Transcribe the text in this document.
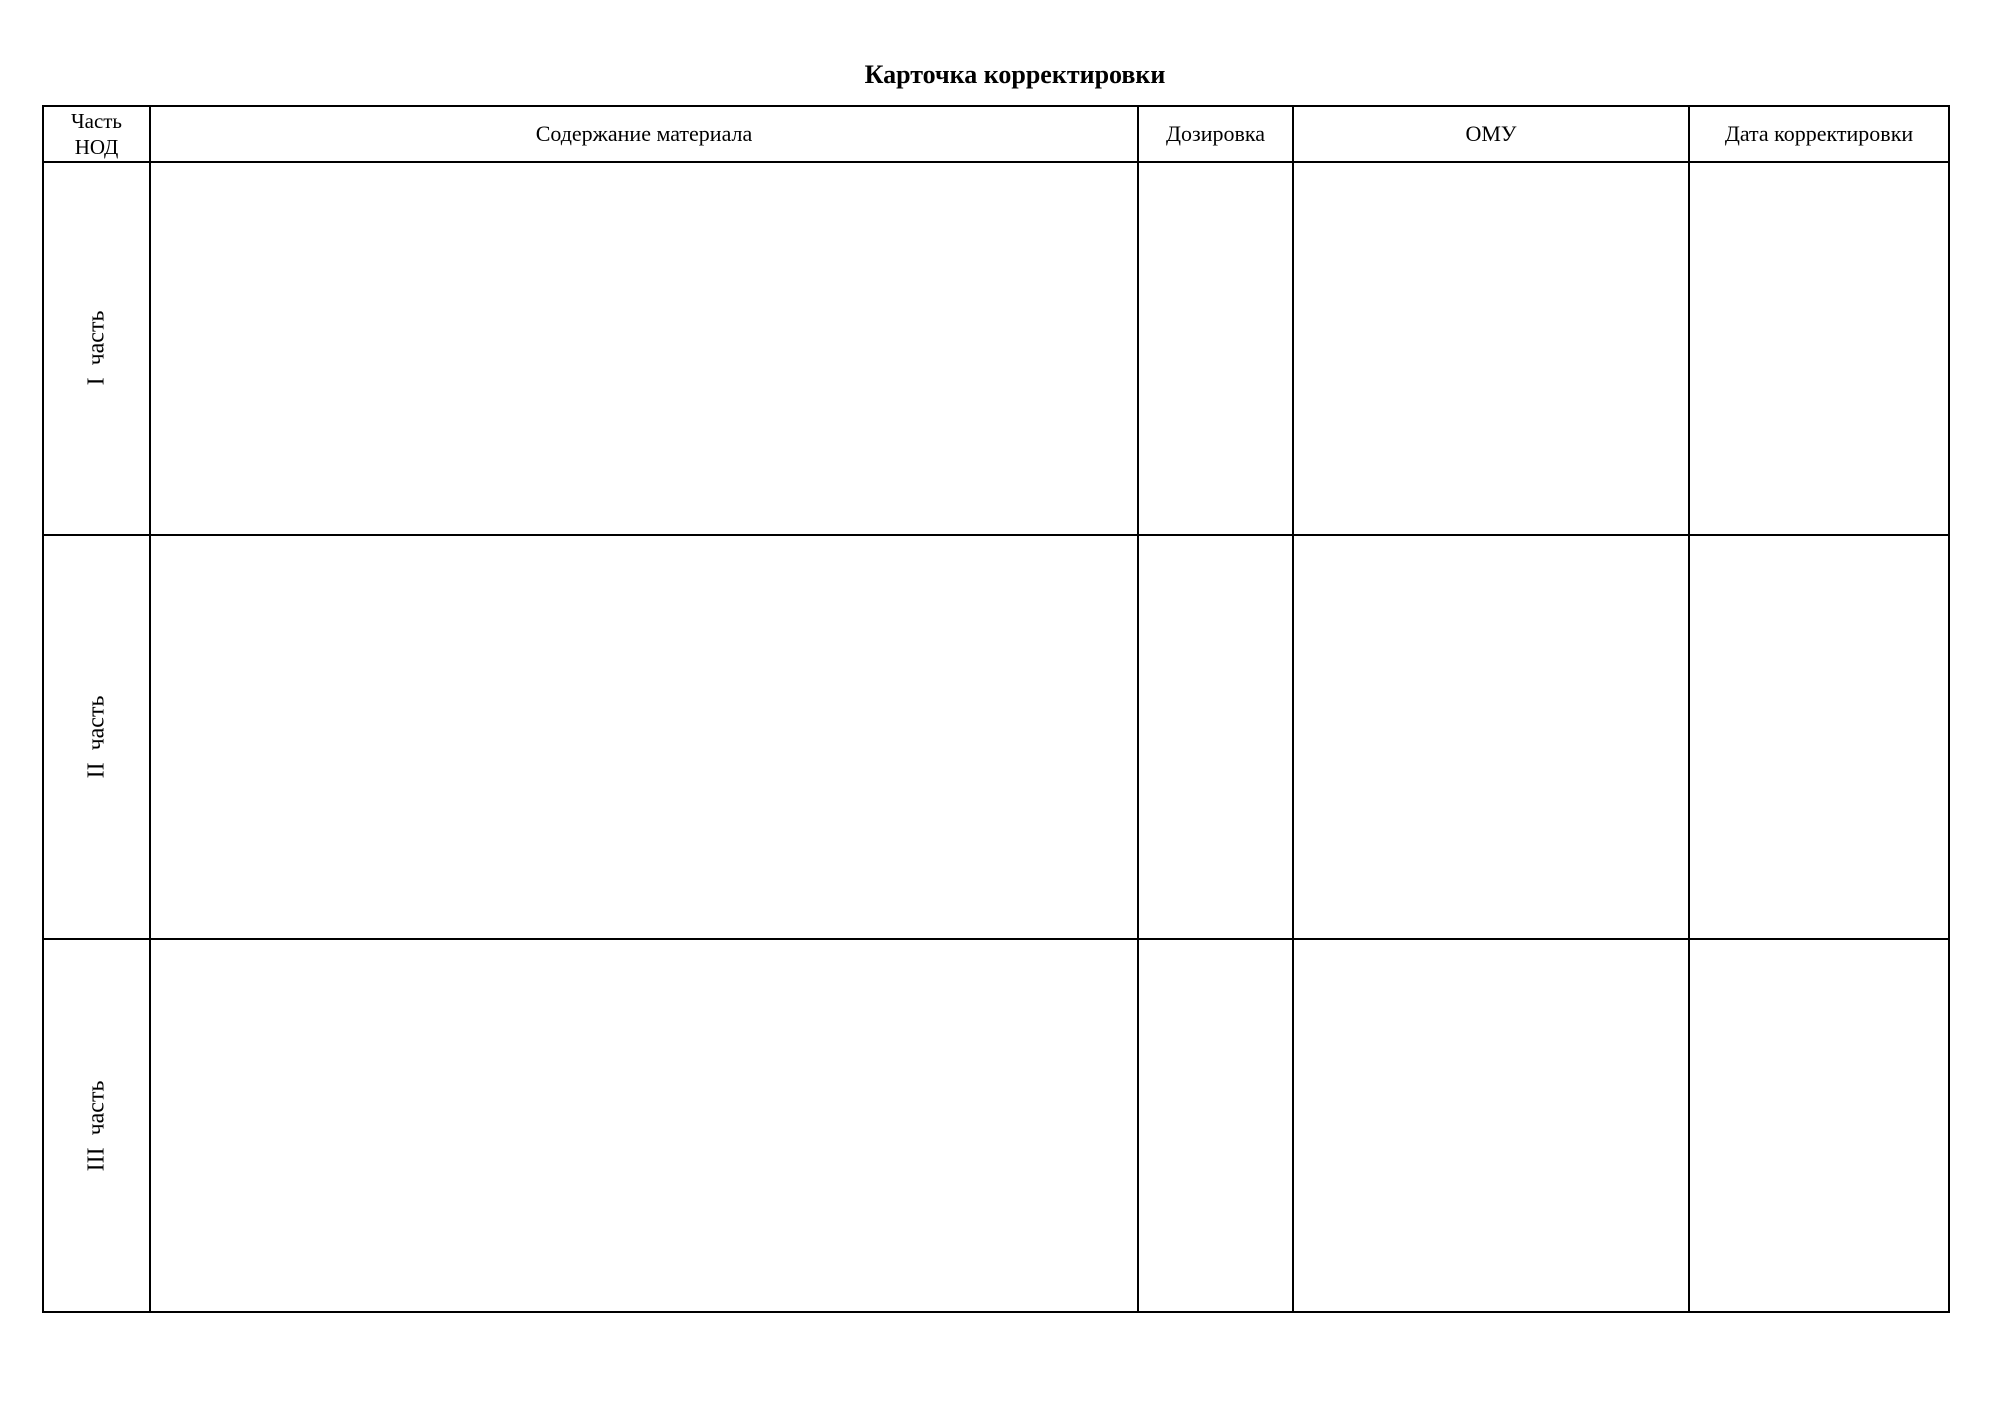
Карточка корректировки
Часть НОД	Содержание материала	Дозировка	ОМУ	Дата корректировки
I  часть				
II  часть				
III  часть				
